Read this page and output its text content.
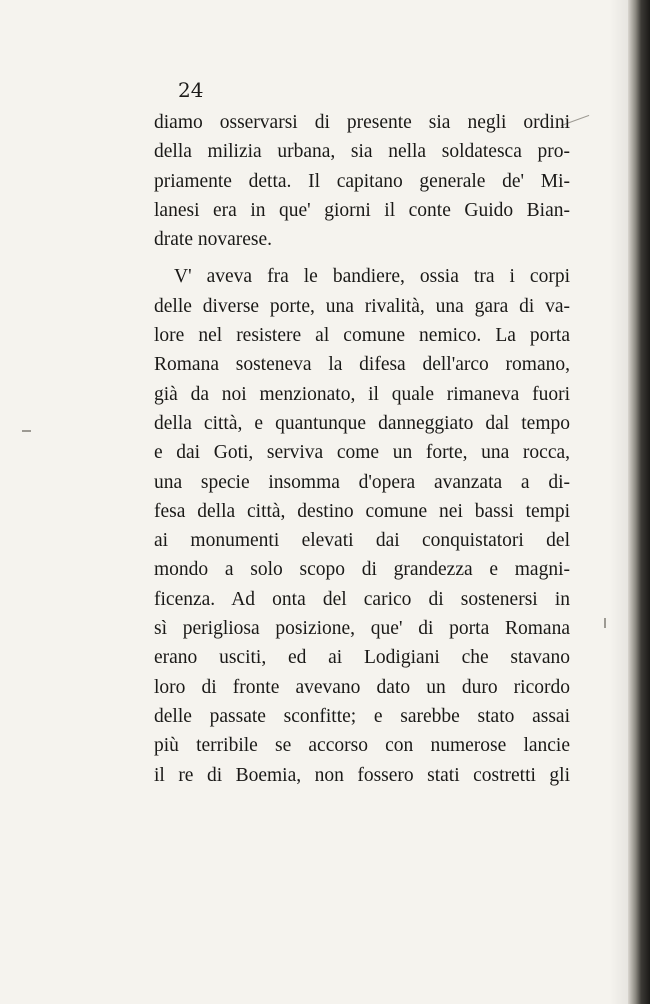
24
diamo osservarsi di presente sia negli ordini
della milizia urbana, sia nella soldatesca pro-
priamente detta. Il capitano generale de' Mi-
lanesi era in que' giorni il conte Guido Bian-
drate novarese.
V' aveva fra le bandiere, ossia tra i corpi
delle diverse porte, una rivalità, una gara di va-
lore nel resistere al comune nemico. La porta
Romana sosteneva la difesa dell'arco romano,
già da noi menzionato, il quale rimaneva fuori
della città, e quantunque danneggiato dal tempo
e dai Goti, serviva come un forte, una rocca,
una specie insomma d'opera avanzata a di-
fesa della città, destino comune nei bassi tempi
ai monumenti elevati dai conquistatori del
mondo a solo scopo di grandezza e magni-
ficenza. Ad onta del carico di sostenersi in
sì perigliosa posizione, que' di porta Romana
erano usciti, ed ai Lodigiani che stavano
loro di fronte avevano dato un duro ricordo
delle passate sconfitte; e sarebbe stato assai
più terribile se accorso con numerose lancie
il re di Boemia, non fossero stati costretti gli
